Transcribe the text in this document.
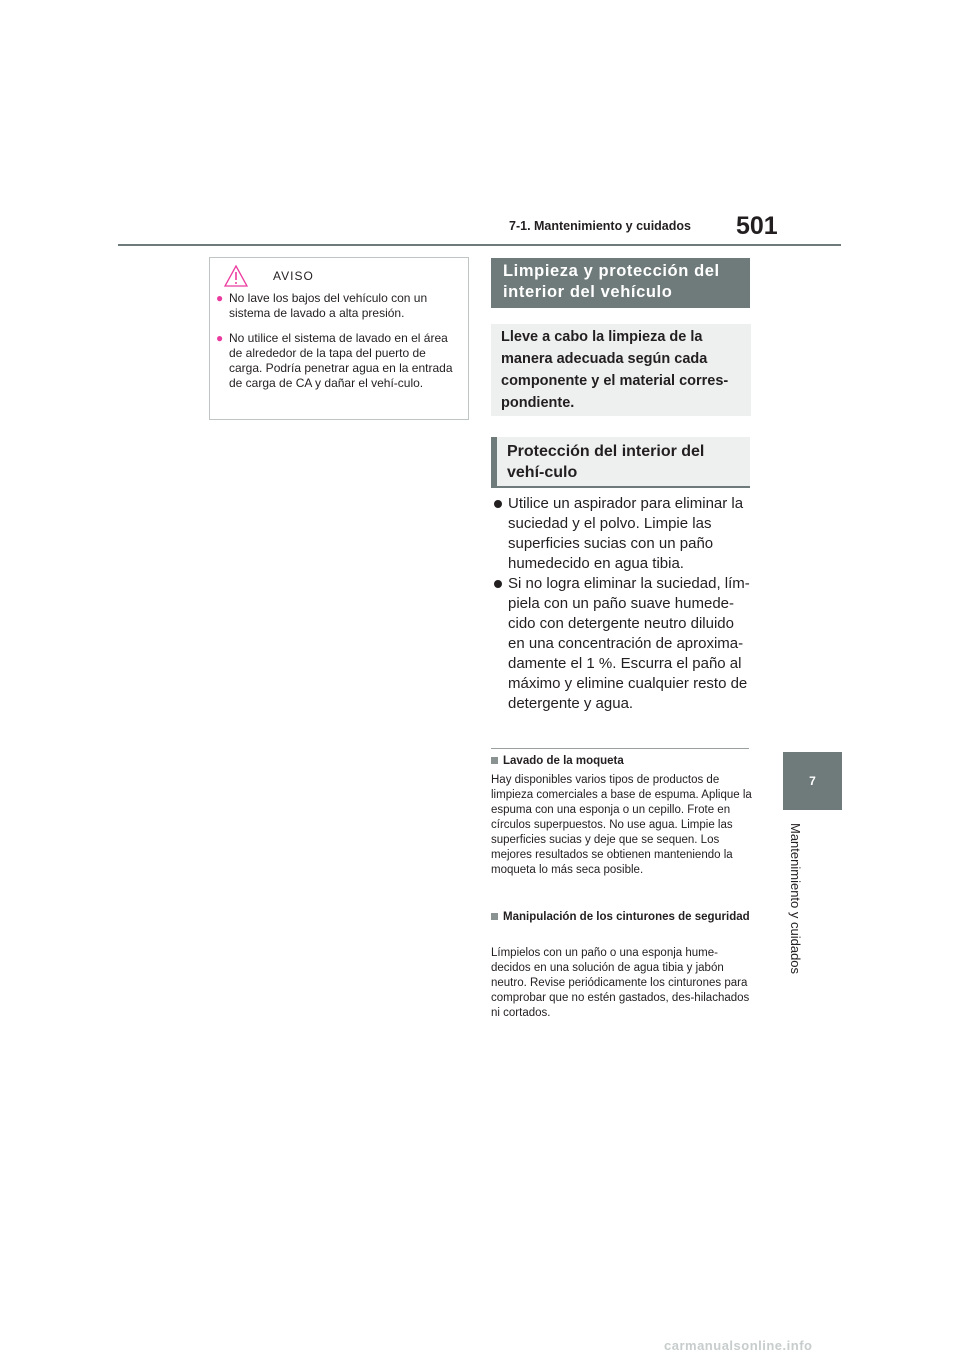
7-1. Mantenimiento y cuidados 501
7
Mantenimiento y cuidados
AVISO
● No lave los bajos del vehículo con un sistema de lavado a alta presión.
● No utilice el sistema de lavado en el área de alrededor de la tapa del puerto de carga. Podría penetrar agua en la entrada de carga de CA y dañar el vehí-culo.
Limpieza y protección del interior del vehículo
Lleve a cabo la limpieza de la manera adecuada según cada componente y el material corres-pondiente.
Protección del interior del vehí-culo
Utilice un aspirador para eliminar la suciedad y el polvo. Limpie las superficies sucias con un paño humedecido en agua tibia.
Si no logra eliminar la suciedad, lím-piela con un paño suave humede-cido con detergente neutro diluido en una concentración de aproxima-damente el 1 %. Escurra el paño al máximo y elimine cualquier resto de detergente y agua.
Lavado de la moqueta
Hay disponibles varios tipos de productos de limpieza comerciales a base de espuma. Aplique la espuma con una esponja o un cepillo. Frote en círculos superpuestos. No use agua. Limpie las superficies sucias y deje que se sequen. Los mejores resultados se obtienen manteniendo la moqueta lo más seca posible.
Manipulación de los cinturones de seguridad
Límpielos con un paño o una esponja hume-decidos en una solución de agua tibia y jabón neutro. Revise periódicamente los cinturones para comprobar que no estén gastados, des-hilachados ni cortados.
carmanualsonline.info
